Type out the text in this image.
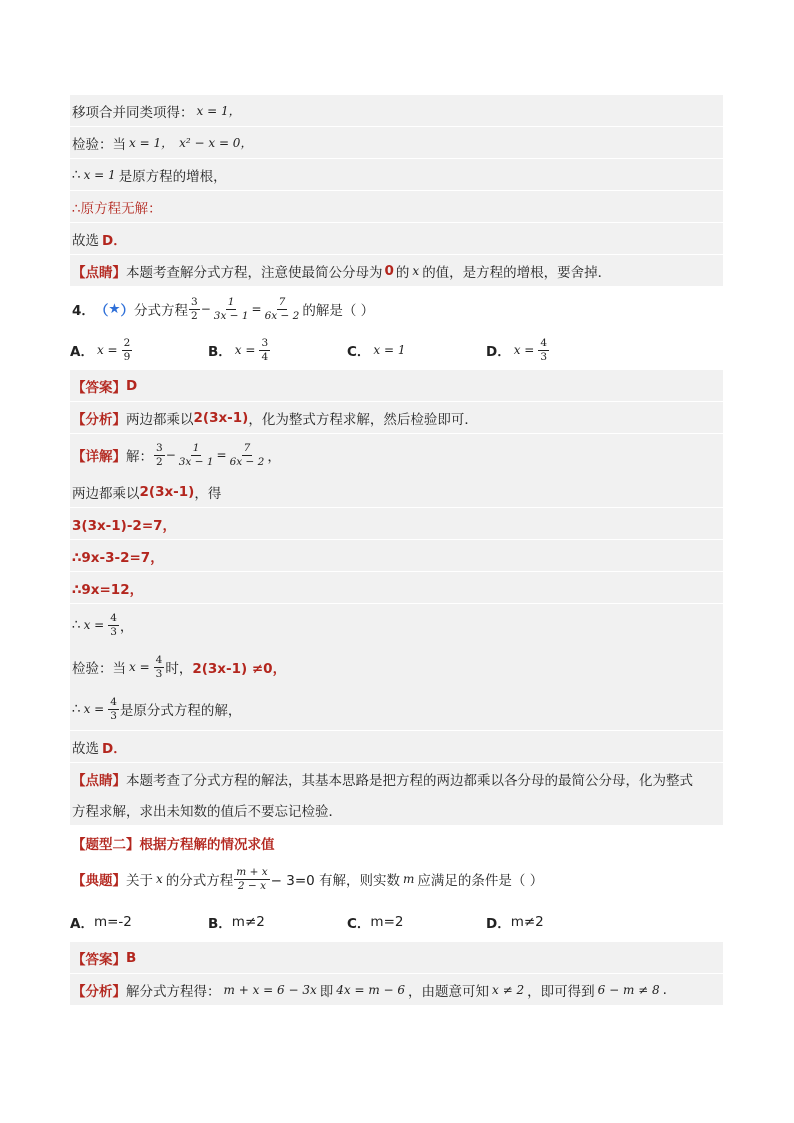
移项合并同类项得： x = 1，
检验：当 x = 1， x² − x = 0，
∴ x = 1 是原方程的增根，
∴原方程无解：
故选 D．
【点睛】 本题考查解分式方程，注意使最简公分母为 0 的 x 的值，是方程的增根，要舍掉．
4． （ ★ ） 分式方程 $\frac{3}{2} - \frac{1}{3x - 1} = \frac{7}{6x - 2}$ 的解是（ ）
A． $x = \frac{2}{9}$	B． $x = \frac{3}{4}$	C． x = 1	D． $x = \frac{4}{3}$
【答案】 D
【分析】 两边都乘以 2(3x-1) ，化为整式方程求解，然后检验即可．
【详解】 解： $\frac{3}{2} - \frac{1}{3x - 1} = \frac{7}{6x - 2}$ ，
两边都乘以 2(3x-1) ，得
3(3x-1)-2=7，
∴9x-3-2=7，
∴9x=12，
∴ $x = \frac{4}{3}$ ，
检验：当 $x = \frac{4}{3}$ 时， 2(3x-1) ≠0，
∴ $x = \frac{4}{3}$ 是原分式方程的解，
故选 D．
【点睛】 本题考查了分式方程的解法，其基本思路是把方程的两边都乘以各分母的最简公分母，化为整式
方程求解，求出未知数的值后不要忘记检验．
【题型二】根据方程解的情况求值
【典题】 关于 x 的分式方程 $\frac{m + x}{2 - x} - 3=0$ 有解，则实数 m 应满足的条件是（ ）
A． m=-2	B． m≠2	C． m=2	D． m≠2
【答案】 B
【分析】 解分式方程得： m + x = 6 − 3x 即 4x = m − 6 ，由题意可知 x ≠ 2 ，即可得到 6 − m ≠ 8 .
